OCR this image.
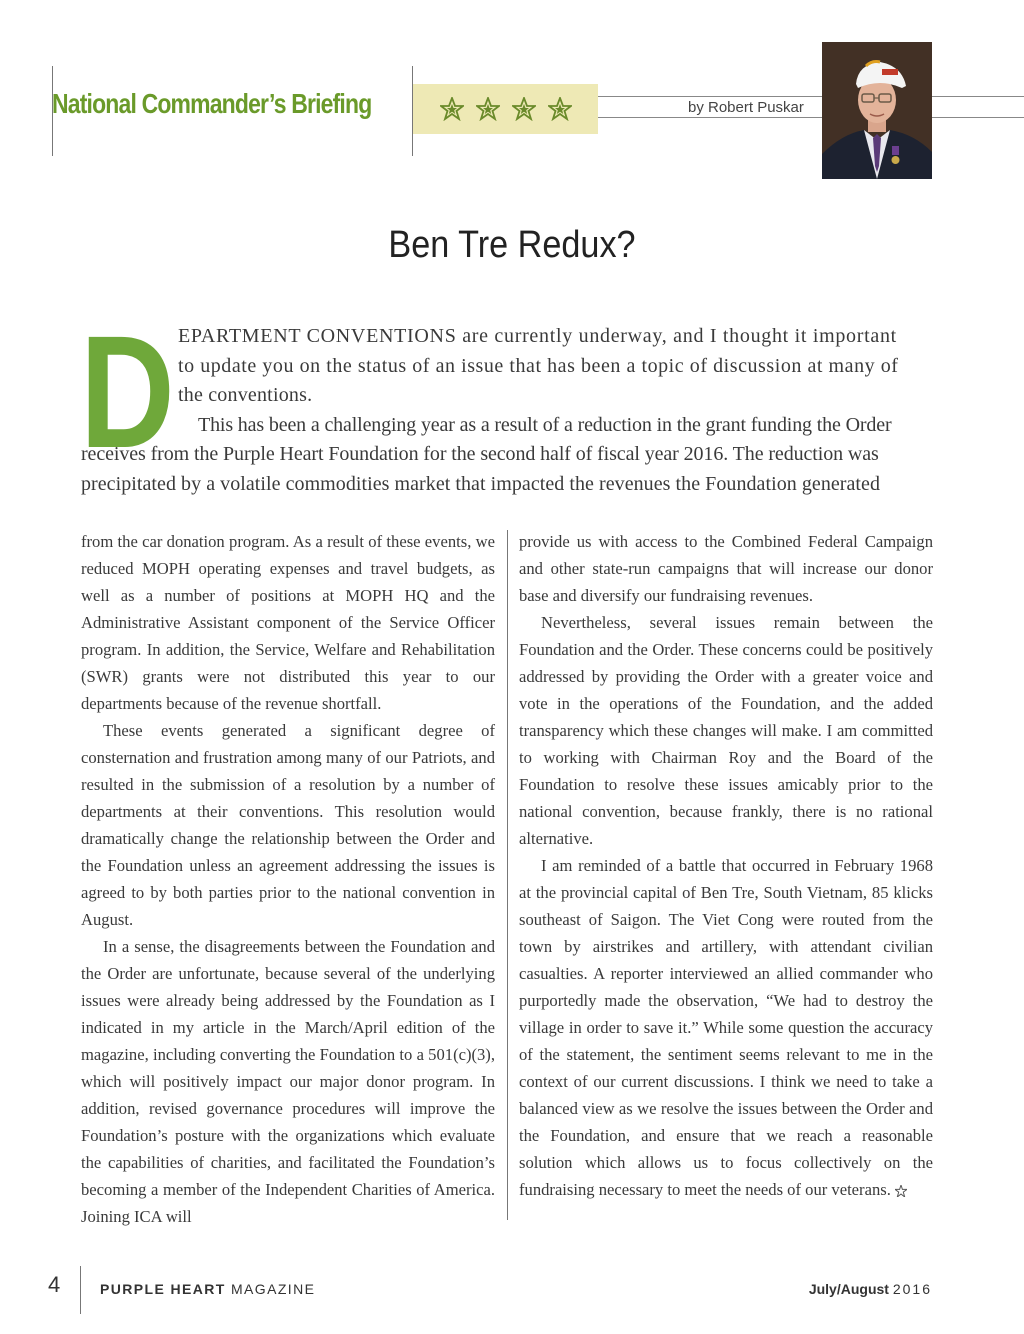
National Commander’s Briefing	by Robert Puskar
Ben Tre Redux?
D EPARTMENT CONVENTIONS are currently underway, and I thought it important
to update you on the status of an issue that has been a topic of discussion at many of
the conventions.
This has been a challenging year as a result of a reduction in the grant funding the Order
receives from the Purple Heart Foundation for the second half of fiscal year 2016. The reduction was
precipitated by a volatile commodities market that impacted the revenues the Foundation generated

from the car donation program. As a result of these events, we reduced MOPH operating expenses and travel budgets, as well as a number of positions at MOPH HQ and the Administrative Assistant component of the Service Officer program. In addition, the Service, Welfare and Rehabilitation (SWR) grants were not distributed this year to our departments because of the revenue shortfall.

These events generated a significant degree of consternation and frustration among many of our Patriots, and resulted in the submission of a resolution by a number of departments at their conventions. This resolution would dramatically change the relationship between the Order and the Foundation unless an agreement addressing the issues is agreed to by both parties prior to the national convention in August.

In a sense, the disagreements between the Foundation and the Order are unfortunate, because several of the underlying issues were already being addressed by the Foundation as I indicated in my article in the March/April edition of the magazine, including converting the Foundation to a 501(c)(3), which will positively impact our major donor program. In addition, revised governance procedures will improve the Foundation’s posture with the organizations which evaluate the capabilities of charities, and facilitated the Foundation’s becoming a member of the Independent Charities of America. Joining ICA will

provide us with access to the Combined Federal Campaign and other state-run campaigns that will increase our donor base and diversify our fundraising revenues.

Nevertheless, several issues remain between the Foundation and the Order. These concerns could be positively addressed by providing the Order with a greater voice and vote in the operations of the Foundation, and the added transparency which these changes will make. I am committed to working with Chairman Roy and the Board of the Foundation to resolve these issues amicably prior to the national convention, because frankly, there is no rational alternative.

I am reminded of a battle that occurred in February 1968 at the provincial capital of Ben Tre, South Vietnam, 85 klicks southeast of Saigon. The Viet Cong were routed from the town by airstrikes and artillery, with attendant civilian casualties. A reporter interviewed an allied commander who purportedly made the observation, “We had to destroy the village in order to save it.” While some question the accuracy of the statement, the sentiment seems relevant to me in the context of our current discussions. I think we need to take a balanced view as we resolve the issues between the Order and the Foundation, and ensure that we reach a reasonable solution which allows us to focus collectively on the fundraising necessary to meet the needs of our veterans.

4	PURPLE HEART MAGAZINE	July/August 2016
